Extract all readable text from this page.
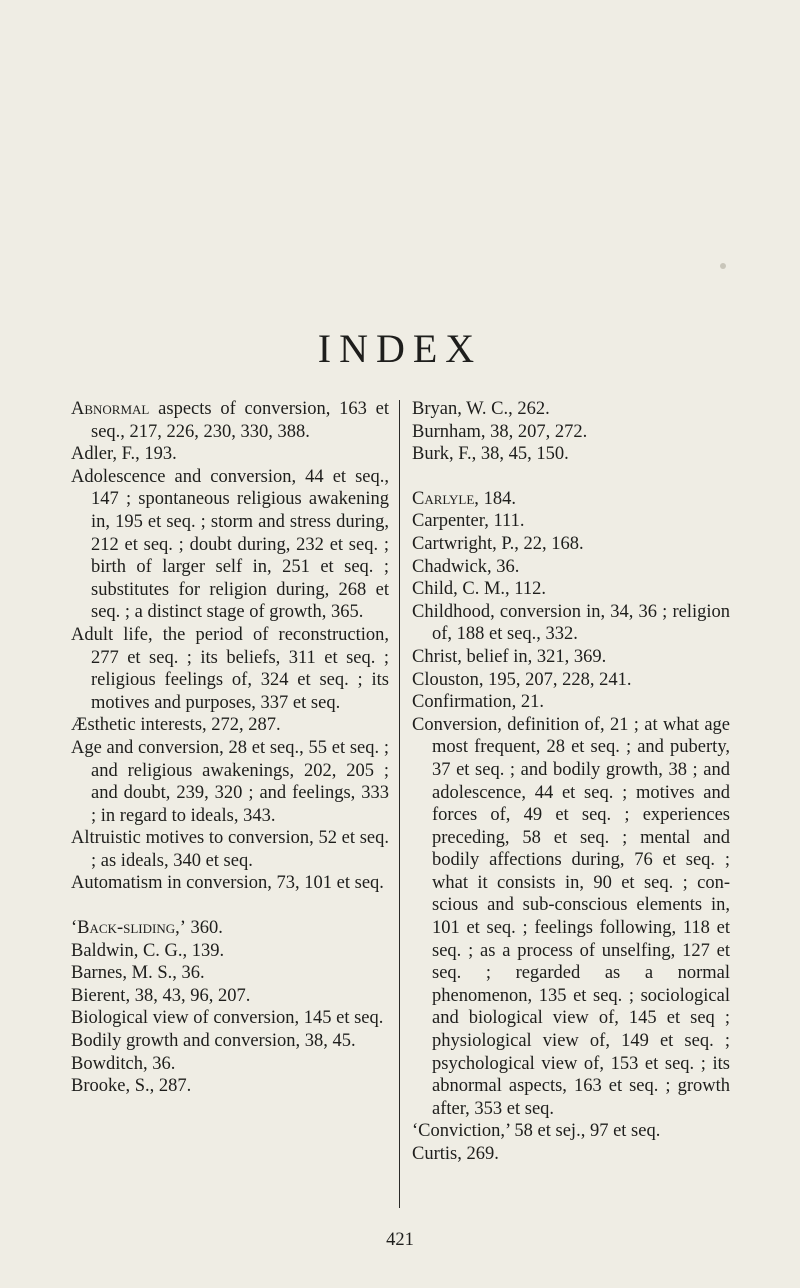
INDEX
Abnormal aspects of conversion, 163 et seq., 217, 226, 230, 330, 388.
Adler, F., 193.
Adolescence and conversion, 44 et seq., 147 ; spontaneous religious awakening in, 195 et seq. ; storm and stress during, 212 et seq. ; doubt during, 232 et seq. ; birth of larger self in, 251 et seq. ; substitutes for religion during, 268 et seq. ; a distinct stage of growth, 365.
Adult life, the period of reconstruction, 277 et seq. ; its beliefs, 311 et seq. ; religious feelings of, 324 et seq. ; its motives and purposes, 337 et seq.
Æsthetic interests, 272, 287.
Age and conversion, 28 et seq., 55 et seq. ; and religious awakenings, 202, 205 ; and doubt, 239, 320 ; and feelings, 333 ; in regard to ideals, 343.
Altruistic motives to conversion, 52 et seq. ; as ideals, 340 et seq.
Automatism in conversion, 73, 101 et seq.
‘Back-sliding,’ 360.
Baldwin, C. G., 139.
Barnes, M. S., 36.
Bierent, 38, 43, 96, 207.
Biological view of conversion, 145 et seq.
Bodily growth and conversion, 38, 45.
Bowditch, 36.
Brooke, S., 287.
Bryan, W. C., 262.
Burnham, 38, 207, 272.
Burk, F., 38, 45, 150.
Carlyle, 184.
Carpenter, 111.
Cartwright, P., 22, 168.
Chadwick, 36.
Child, C. M., 112.
Childhood, conversion in, 34, 36 ; religion of, 188 et seq., 332.
Christ, belief in, 321, 369.
Clouston, 195, 207, 228, 241.
Confirmation, 21.
Conversion, definition of, 21 ; at what age most frequent, 28 et seq. ; and puberty, 37 et seq. ; and bodily growth, 38 ; and adolescence, 44 et seq. ; motives and forces of, 49 et seq. ; experiences preceding, 58 et seq. ; mental and bodily affections during, 76 et seq. ; what it consists in, 90 et seq. ; con-scious and sub-conscious elements in, 101 et seq. ; feelings following, 118 et seq. ; as a process of unselfing, 127 et seq. ; regarded as a normal phenomenon, 135 et seq. ; sociological and biological view of, 145 et seq ; physiological view of, 149 et seq. ; psychological view of, 153 et seq. ; its abnormal aspects, 163 et seq. ; growth after, 353 et seq.
‘Conviction,’ 58 et sej., 97 et seq.
Curtis, 269.
421
